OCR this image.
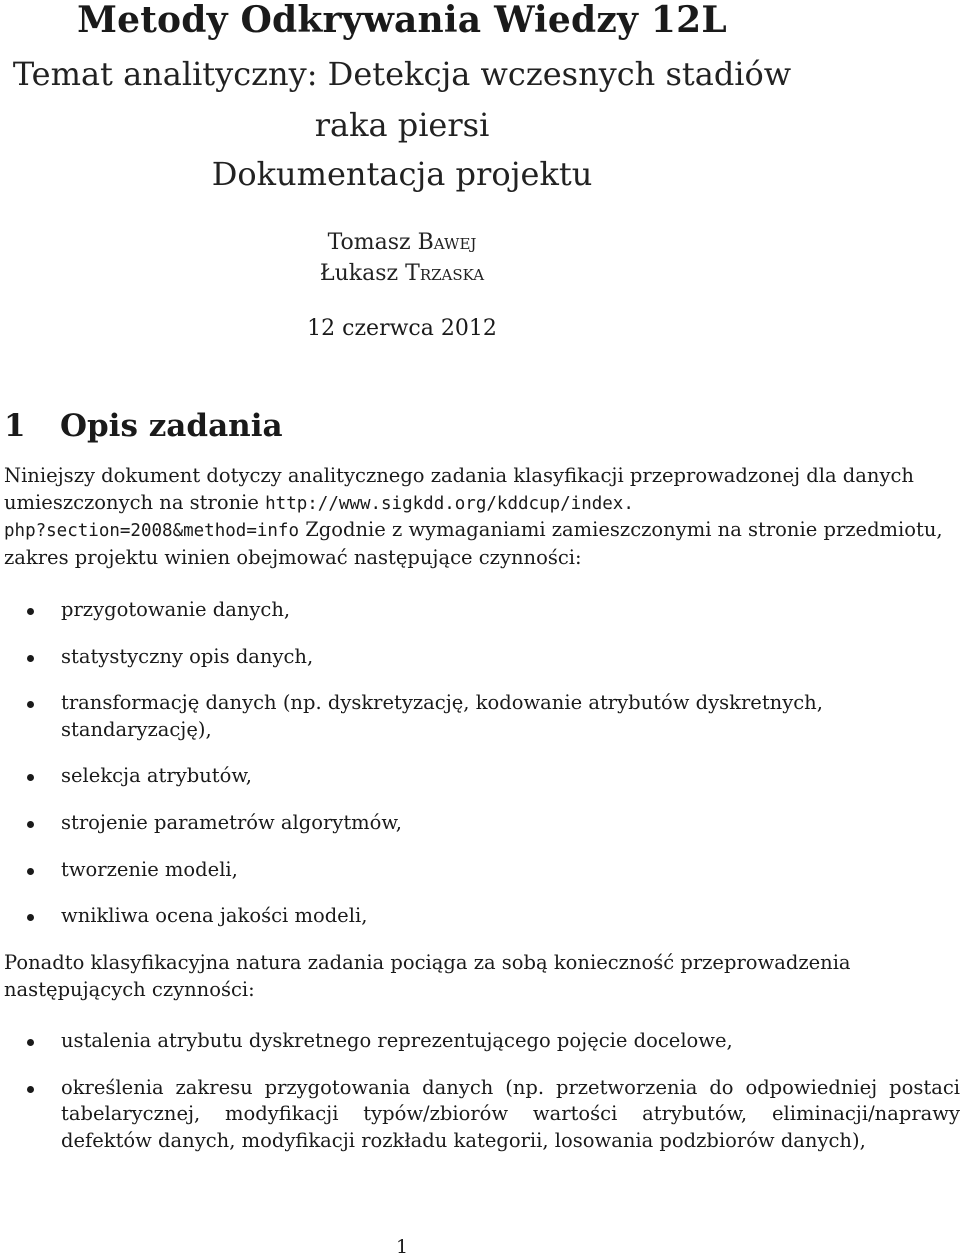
Metody Odkrywania Wiedzy 12L
Temat analityczny: Detekcja wczesnych stadiów
raka piersi
Dokumentacja projektu
Tomasz Bawej
Łukasz Trzaska
12 czerwca 2012
1 Opis zadania

Niniejszy dokument dotyczy analitycznego zadania klasyfikacji przeprowadzonej dla danych umieszczonych na stronie http://www.sigkdd.org/kddcup/index.
php?section=2008&method=info Zgodnie z wymaganiami zamieszczonymi na stronie przedmiotu, zakres projektu winien obejmować następujące czynności:

przygotowanie danych,
statystyczny opis danych,
transformację danych (np. dyskretyzację, kodowanie atrybutów dyskretnych, standaryzację),
selekcja atrybutów,
strojenie parametrów algorytmów,
tworzenie modeli,
wnikliwa ocena jakości modeli,

Ponadto klasyfikacyjna natura zadania pociąga za sobą konieczność przeprowadzenia następujących czynności:

ustalenia atrybutu dyskretnego reprezentującego pojęcie docelowe,
określenia zakresu przygotowania danych (np. przetworzenia do odpowiedniej postaci tabelarycznej, modyfikacji typów/zbiorów wartości atrybutów, eliminacji/naprawy defektów danych, modyfikacji rozkładu kategorii, losowania podzbiorów danych),
1
